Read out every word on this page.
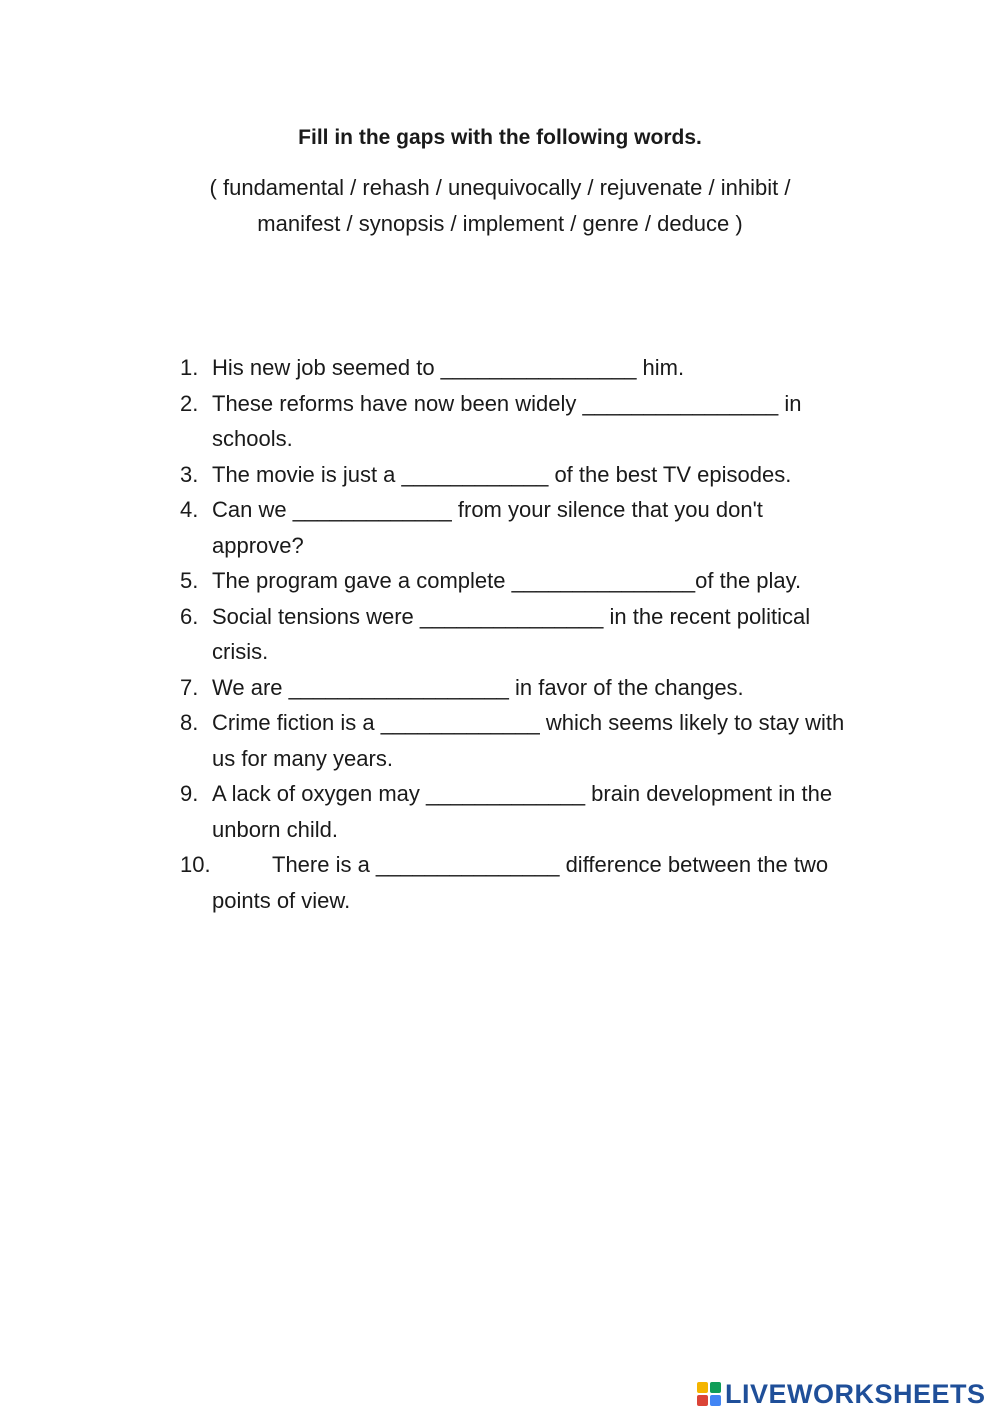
Fill in the gaps with the following words.
( fundamental / rehash / unequivocally / rejuvenate / inhibit /
manifest / synopsis / implement / genre / deduce )
1. His new job seemed to ________________ him.
2. These reforms have now been widely ________________ in schools.
3. The movie is just a ____________ of the best TV episodes.
4. Can we _____________ from your silence that you don't approve?
5. The program gave a complete _______________of the play.
6. Social tensions were _______________ in the recent political crisis.
7. We are __________________ in favor of the changes.
8. Crime fiction is a _____________ which seems likely to stay with us for many years.
9. A lack of oxygen may _____________ brain development in the unborn child.
10.	There is a _______________ difference between the two points of view.
LIVEWORKSHEETS
